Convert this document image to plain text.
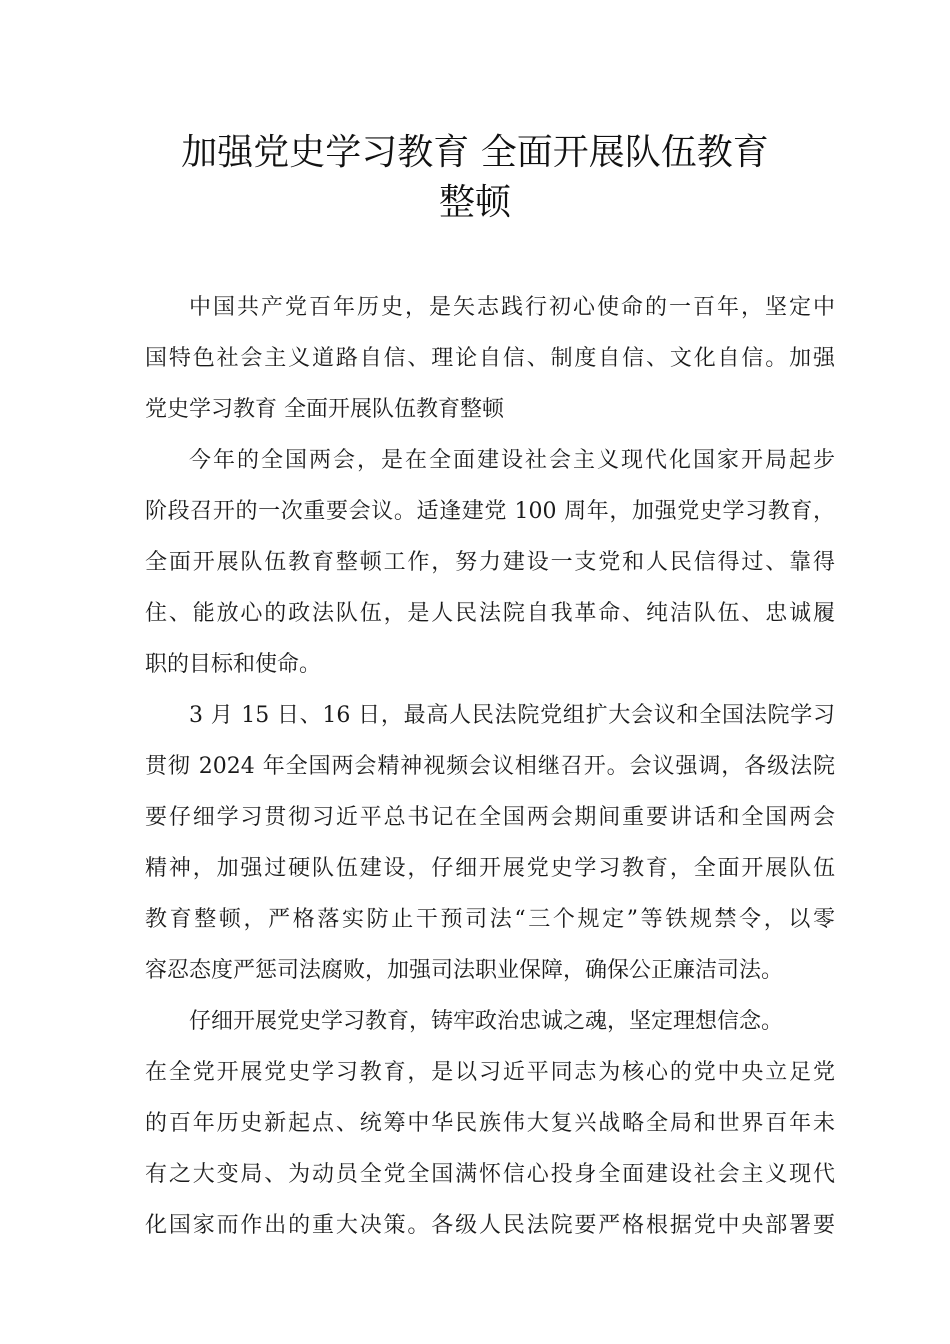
加强党史学习教育 全面开展队伍教育
整顿

中国共产党百年历史，是矢志践行初心使命的一百年，坚定中
国特色社会主义道路自信、理论自信、制度自信、文化自信。加强
党史学习教育 全面开展队伍教育整顿

今年的全国两会，是在全面建设社会主义现代化国家开局起步
阶段召开的一次重要会议。适逢建党 100 周年，加强党史学习教育，
全面开展队伍教育整顿工作，努力建设一支党和人民信得过、靠得
住、能放心的政法队伍，是人民法院自我革命、纯洁队伍、忠诚履
职的目标和使命。

3 月 15 日、16 日，最高人民法院党组扩大会议和全国法院学习
贯彻 2024 年全国两会精神视频会议相继召开。会议强调，各级法院
要仔细学习贯彻习近平总书记在全国两会期间重要讲话和全国两会
精神，加强过硬队伍建设，仔细开展党史学习教育，全面开展队伍
教育整顿，严格落实防止干预司法“三个规定”等铁规禁令，以零
容忍态度严惩司法腐败，加强司法职业保障，确保公正廉洁司法。

仔细开展党史学习教育，铸牢政治忠诚之魂，坚定理想信念。
在全党开展党史学习教育，是以习近平同志为核心的党中央立足党
的百年历史新起点、统筹中华民族伟大复兴战略全局和世界百年未
有之大变局、为动员全党全国满怀信心投身全面建设社会主义现代
化国家而作出的重大决策。各级人民法院要严格根据党中央部署要
